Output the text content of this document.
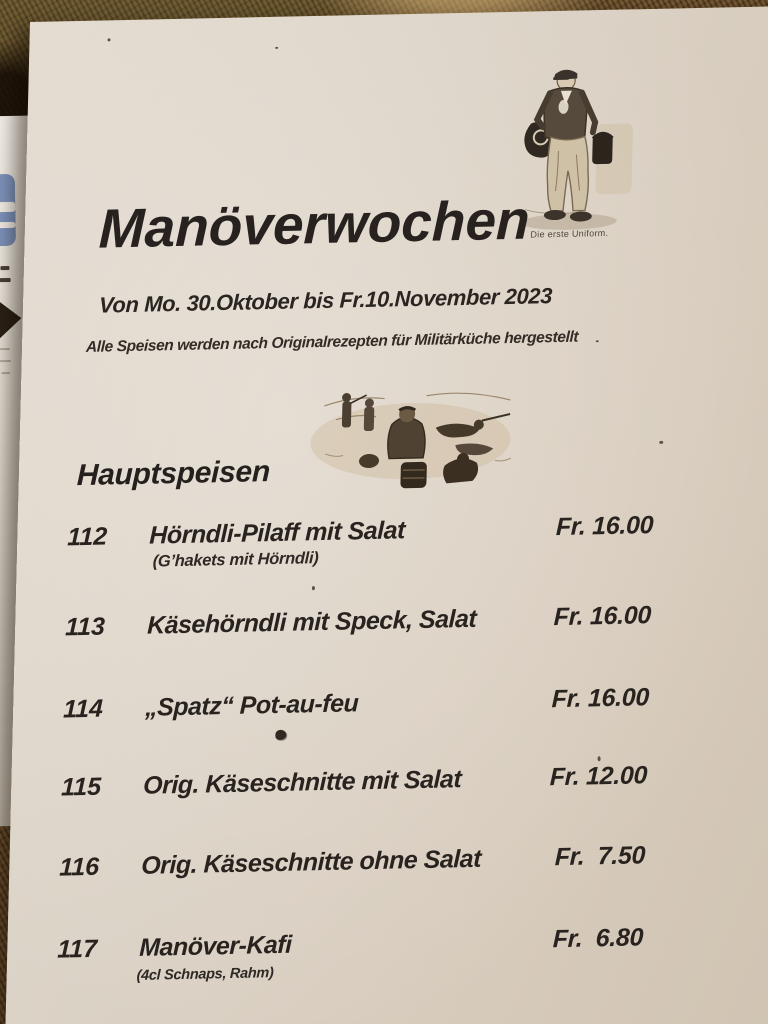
Die erste Uniform.
Manöverwochen
Von Mo. 30.Oktober bis Fr.10.November 2023
Alle Speisen werden nach Originalrezepten für Militärküche hergestellt
Hauptspeisen
112 Hörndli-Pilaff mit Salat	Fr. 16.00
(G’hakets mit Hörndli)
113 Käsehörndli mit Speck, Salat	Fr. 16.00
114 „Spatz“ Pot-au-feu	Fr. 16.00
115 Orig. Käseschnitte mit Salat	Fr. 12.00
116 Orig. Käseschnitte ohne Salat	Fr.  7.50
117 Manöver-Kafi	Fr.  6.80
(4cl Schnaps, Rahm)
